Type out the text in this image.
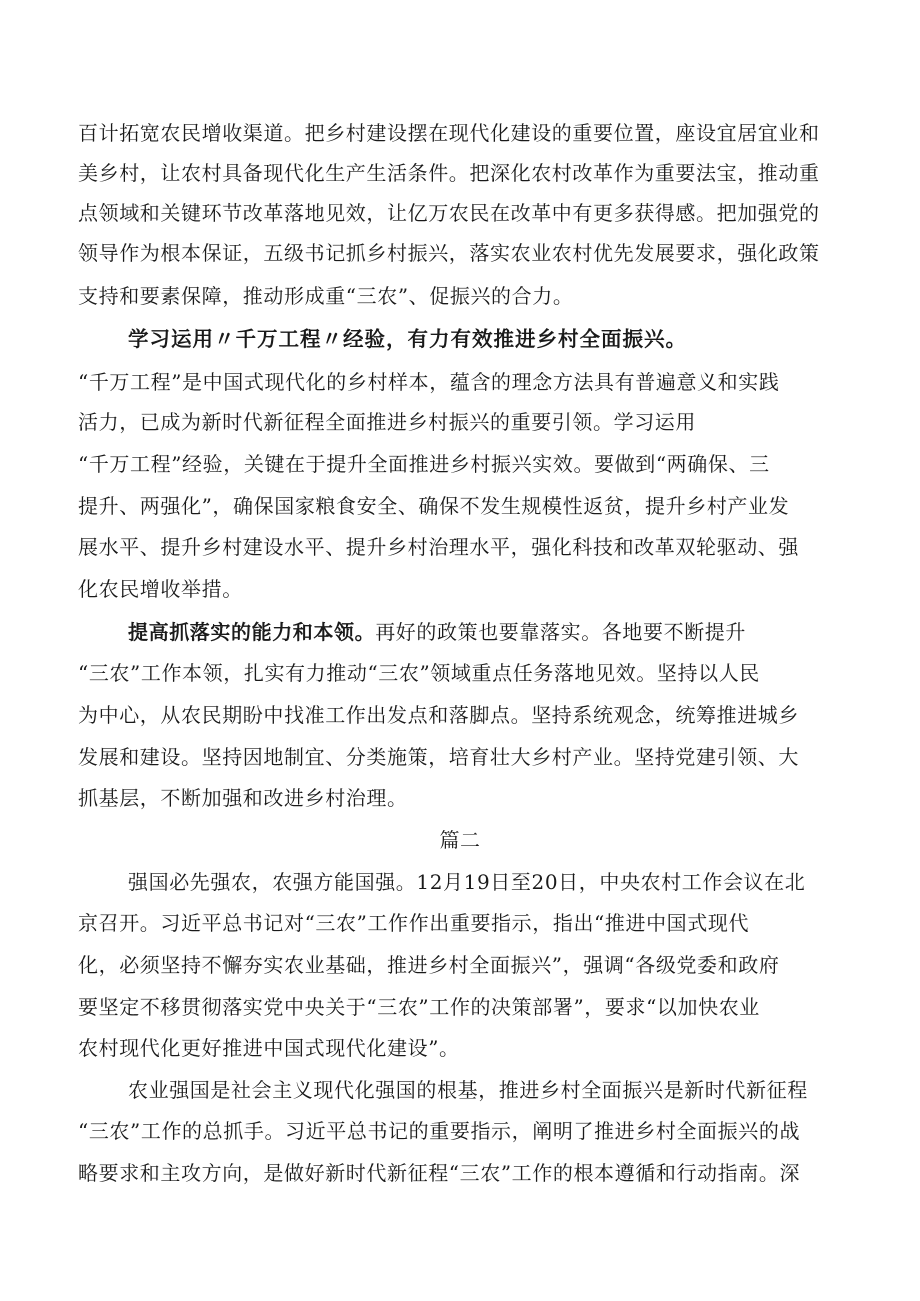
百计拓宽农民增收渠道。把乡村建设摆在现代化建设的重要位置，座设宜居宜业和
美乡村，让农村具备现代化生产生活条件。把深化农村改革作为重要法宝，推动重
点领域和关键环节改革落地见效，让亿万农民在改革中有更多获得感。把加强党的
领导作为根本保证，五级书记抓乡村振兴，落实农业农村优先发展要求，强化政策
支持和要素保障，推动形成重“三农”、促振兴的合力。
学习运用〃千万工程〃经验，有力有效推进乡村全面振兴。
“千万工程”是中国式现代化的乡村样本，蕴含的理念方法具有普遍意义和实践
活力，已成为新时代新征程全面推进乡村振兴的重要引领。学习运用
“千万工程”经验，关键在于提升全面推进乡村振兴实效。要做到“两确保、三
提升、两强化”，确保国家粮食安全、确保不发生规模性返贫，提升乡村产业发
展水平、提升乡村建设水平、提升乡村治理水平，强化科技和改革双轮驱动、强
化农民增收举措。
提高抓落实的能力和本领。再好的政策也要靠落实。各地要不断提升
“三农”工作本领，扎实有力推动“三农”领域重点任务落地见效。坚持以人民
为中心，从农民期盼中找准工作出发点和落脚点。坚持系统观念，统筹推进城乡
发展和建设。坚持因地制宜、分类施策，培育壮大乡村产业。坚持党建引领、大
抓基层，不断加强和改进乡村治理。
篇二
强国必先强农，农强方能国强。12月19日至20日，中央农村工作会议在北
京召开。习近平总书记对“三农”工作作出重要指示，指出“推进中国式现代
化，必须坚持不懈夯实农业基础，推进乡村全面振兴”，强调“各级党委和政府
要坚定不移贯彻落实党中央关于“三农”工作的决策部署”，要求“以加快农业
农村现代化更好推进中国式现代化建设”。
农业强国是社会主义现代化强国的根基，推进乡村全面振兴是新时代新征程
“三农”工作的总抓手。习近平总书记的重要指示，阐明了推进乡村全面振兴的战
略要求和主攻方向，是做好新时代新征程“三农”工作的根本遵循和行动指南。深
